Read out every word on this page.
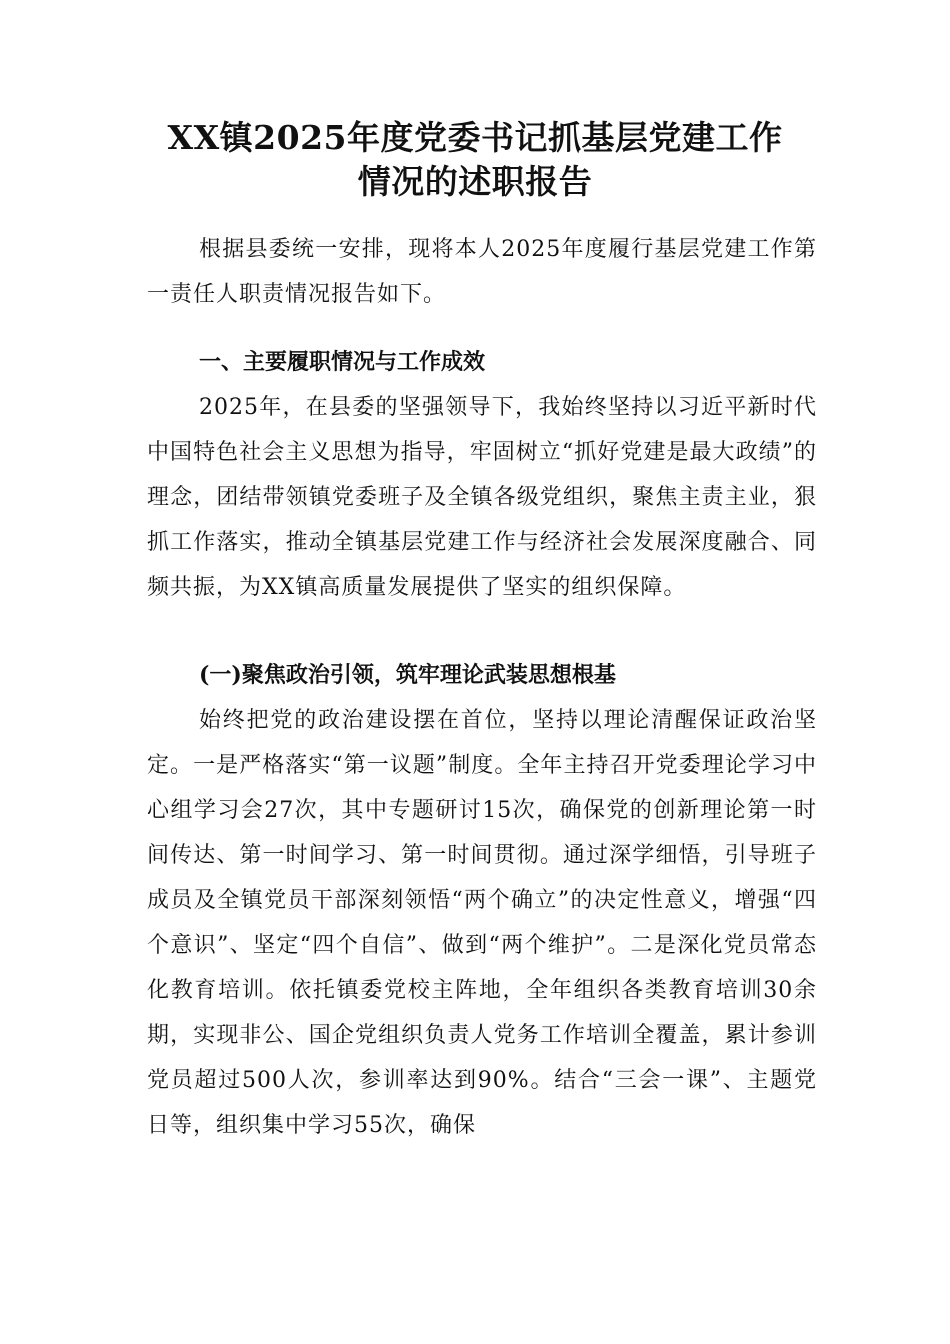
XX镇2025年度党委书记抓基层党建工作
情况的述职报告

根据县委统一安排，现将本人2025年度履行基层党建工作第一责任人职责情况报告如下。

一、主要履职情况与工作成效

2025年，在县委的坚强领导下，我始终坚持以习近平新时代中国特色社会主义思想为指导，牢固树立“抓好党建是最大政绩”的理念，团结带领镇党委班子及全镇各级党组织，聚焦主责主业，狠抓工作落实，推动全镇基层党建工作与经济社会发展深度融合、同频共振，为XX镇高质量发展提供了坚实的组织保障。

(一)聚焦政治引领，筑牢理论武装思想根基

始终把党的政治建设摆在首位，坚持以理论清醒保证政治坚定。一是严格落实“第一议题”制度。全年主持召开党委理论学习中心组学习会27次，其中专题研讨15次，确保党的创新理论第一时间传达、第一时间学习、第一时间贯彻。通过深学细悟，引导班子成员及全镇党员干部深刻领悟“两个确立”的决定性意义，增强“四个意识”、坚定“四个自信”、做到“两个维护”。二是深化党员常态化教育培训。依托镇委党校主阵地，全年组织各类教育培训30余期，实现非公、国企党组织负责人党务工作培训全覆盖，累计参训党员超过500人次，参训率达到90%。结合“三会一课”、主题党日等，组织集中学习55次，确保
